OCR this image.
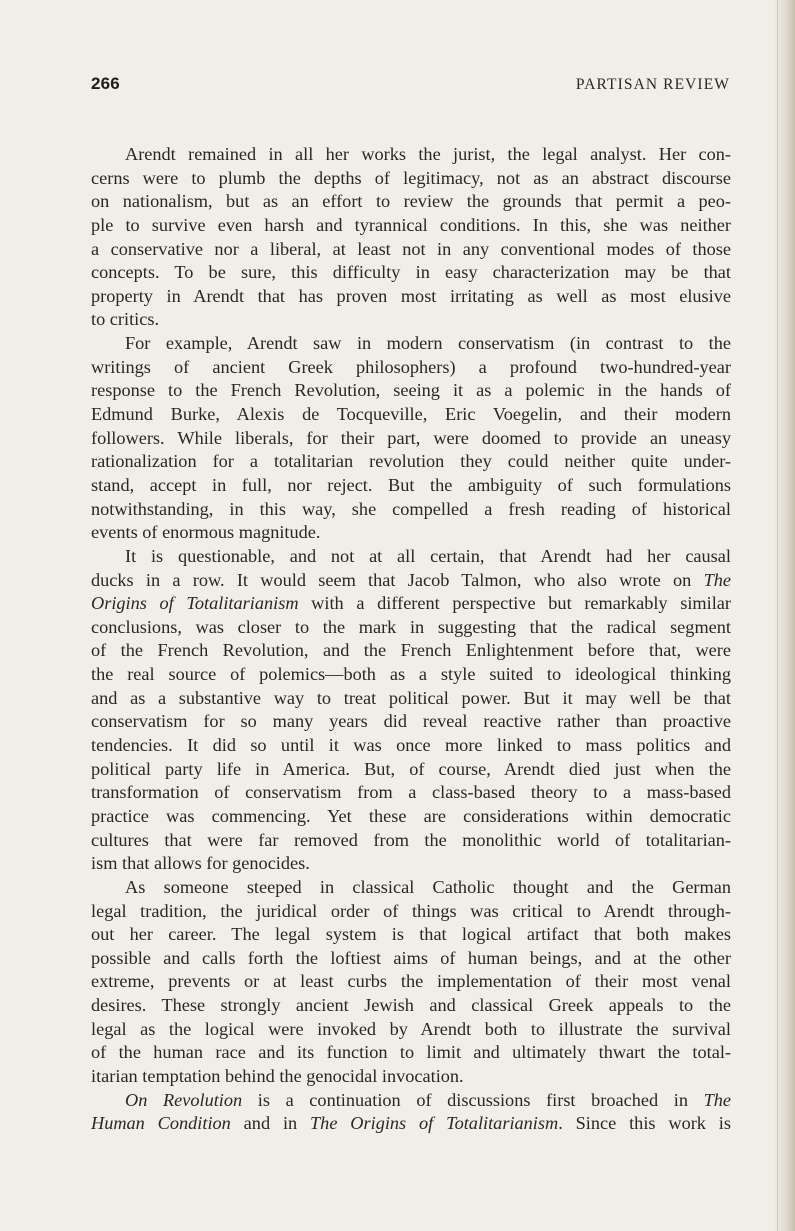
266	PARTISAN REVIEW
Arendt remained in all her works the jurist, the legal analyst. Her con-
cerns were to plumb the depths of legitimacy, not as an abstract discourse
on nationalism, but as an effort to review the grounds that permit a peo-
ple to survive even harsh and tyrannical conditions. In this, she was neither
a conservative nor a liberal, at least not in any conventional modes of those
concepts. To be sure, this difficulty in easy characterization may be that
property in Arendt that has proven most irritating as well as most elusive
to critics.
For example, Arendt saw in modern conservatism (in contrast to the
writings of ancient Greek philosophers) a profound two-hundred-year
response to the French Revolution, seeing it as a polemic in the hands of
Edmund Burke, Alexis de Tocqueville, Eric Voegelin, and their modern
followers. While liberals, for their part, were doomed to provide an uneasy
rationalization for a totalitarian revolution they could neither quite under-
stand, accept in full, nor reject. But the ambiguity of such formulations
notwithstanding, in this way, she compelled a fresh reading of historical
events of enormous magnitude.
It is questionable, and not at all certain, that Arendt had her causal
ducks in a row. It would seem that Jacob Talmon, who also wrote on The
Origins of Totalitarianism with a different perspective but remarkably similar
conclusions, was closer to the mark in suggesting that the radical segment
of the French Revolution, and the French Enlightenment before that, were
the real source of polemics—both as a style suited to ideological thinking
and as a substantive way to treat political power. But it may well be that
conservatism for so many years did reveal reactive rather than proactive
tendencies. It did so until it was once more linked to mass politics and
political party life in America. But, of course, Arendt died just when the
transformation of conservatism from a class-based theory to a mass-based
practice was commencing. Yet these are considerations within democratic
cultures that were far removed from the monolithic world of totalitarian-
ism that allows for genocides.
As someone steeped in classical Catholic thought and the German
legal tradition, the juridical order of things was critical to Arendt through-
out her career. The legal system is that logical artifact that both makes
possible and calls forth the loftiest aims of human beings, and at the other
extreme, prevents or at least curbs the implementation of their most venal
desires. These strongly ancient Jewish and classical Greek appeals to the
legal as the logical were invoked by Arendt both to illustrate the survival
of the human race and its function to limit and ultimately thwart the total-
itarian temptation behind the genocidal invocation.
On Revolution is a continuation of discussions first broached in The
Human Condition and in The Origins of Totalitarianism. Since this work is
